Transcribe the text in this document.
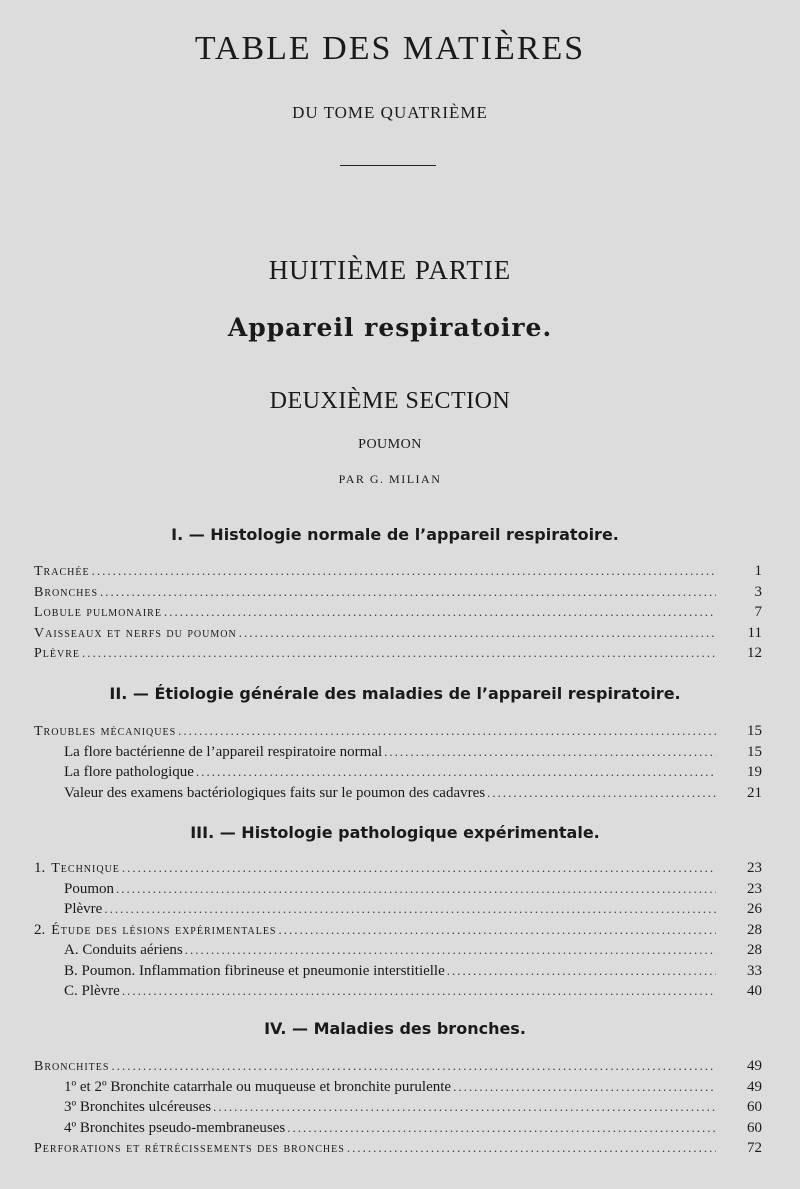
TABLE DES MATIÈRES
DU TOME QUATRIÈME
HUITIÈME PARTIE
Appareil respiratoire.
DEUXIÈME SECTION
POUMON
PAR G. MILIAN
I. — Histologie normale de l’appareil respiratoire.
Trachée .....	1
Bronches .....	3
Lobule pulmonaire .....	7
Vaisseaux et nerfs du poumon .....	11
Plèvre .....	12
II. — Étiologie générale des maladies de l’appareil respiratoire.
Troubles mécaniques .....	15
La flore bactérienne de l’appareil respiratoire normal .....	15
La flore pathologique .....	19
Valeur des examens bactériologiques faits sur le poumon des cadavres .....	21
III. — Histologie pathologique expérimentale.
1. Technique .....	23
Poumon .....	23
Plèvre .....	26
2. Étude des lésions expérimentales .....	28
A. Conduits aériens .....	28
B. Poumon. Inflammation fibrineuse et pneumonie interstitielle .....	33
C. Plèvre .....	40
IV. — Maladies des bronches.
Bronchites .....	49
1º et 2º Bronchite catarrhale ou muqueuse et bronchite purulente .....	49
3º Bronchites ulcéreuses .....	60
4º Bronchites pseudo-membraneuses .....	60
Perforations et rétrécissements des bronches .....	72
